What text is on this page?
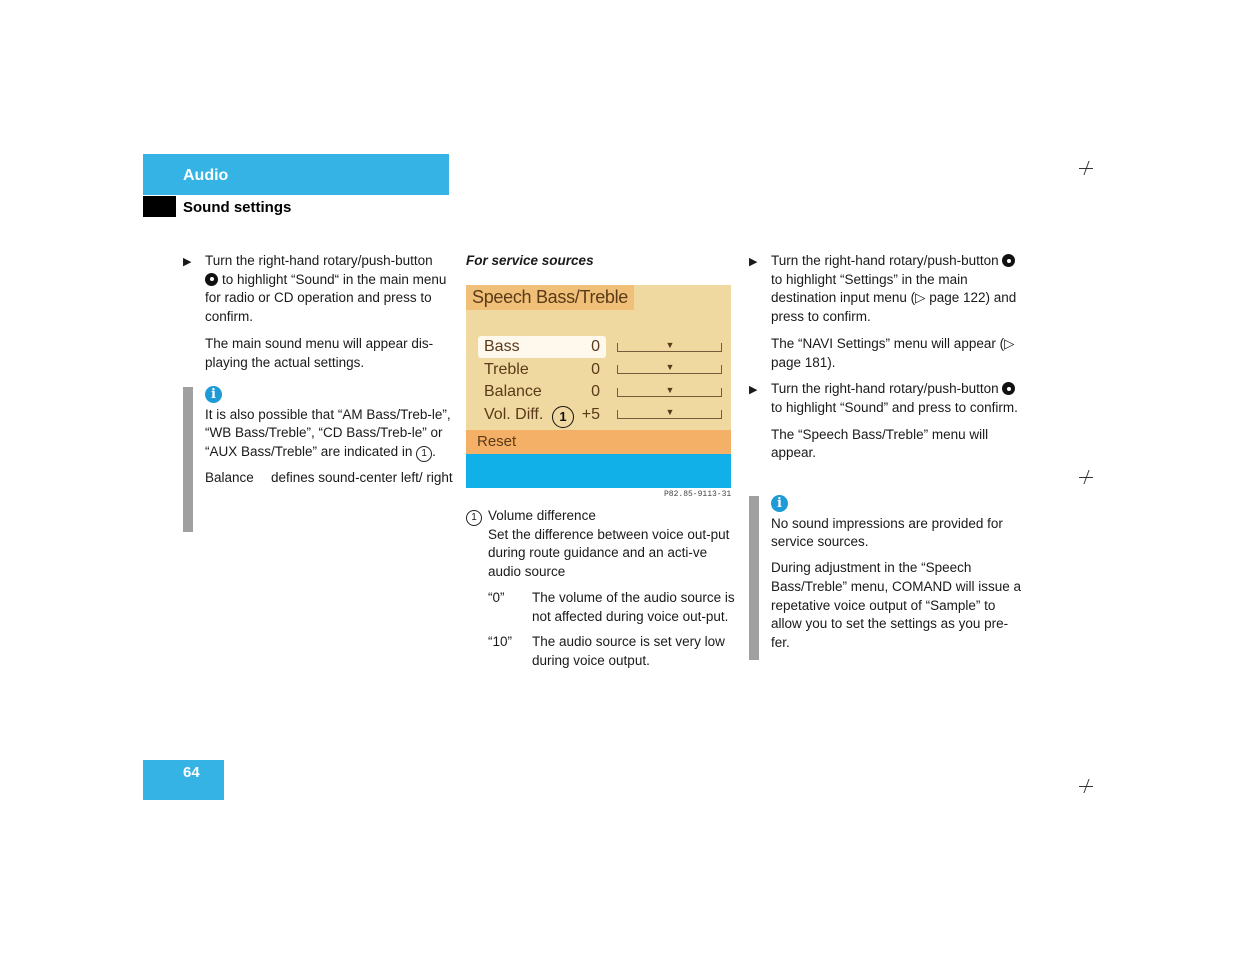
Audio
Sound settings
▶ Turn the right-hand rotary/push-button to highlight “Sound“ in the main menu for radio or CD operation and press to confirm.

The main sound menu will appear dis-playing the actual settings.

i

It is also possible that “AM Bass/Treb-le”, “WB Bass/Treble”, “CD Bass/Treb-le” or “AUX Bass/Treble” are indicated in 1 .

Balance	defines sound-center left/ right

For service sources

Speech Bass/Treble
Bass	0	▼
Treble	0	▼
Balance	0	▼
Vol. Diff. +5	▼
1
Reset
P82.85-9113-31
1 Volume difference

Set the difference between voice out-put during route guidance and an acti-ve audio source

“0”	The volume of the audio source is not affected during voice out-put.
“10”	The audio source is set very low during voice output.
▶ Turn the right-hand rotary/push-button to highlight “Settings” in the main destination input menu (▷ page 122) and press to confirm.

The “NAVI Settings” menu will appear (▷ page 181).

▶ Turn the right-hand rotary/push-button to highlight “Sound” and press to confirm.

The “Speech Bass/Treble” menu will appear.

i

No sound impressions are provided for service sources.

During adjustment in the “Speech Bass/Treble” menu, COMAND will issue a repetative voice output of “Sample” to allow you to set the settings as you pre-fer.

64
